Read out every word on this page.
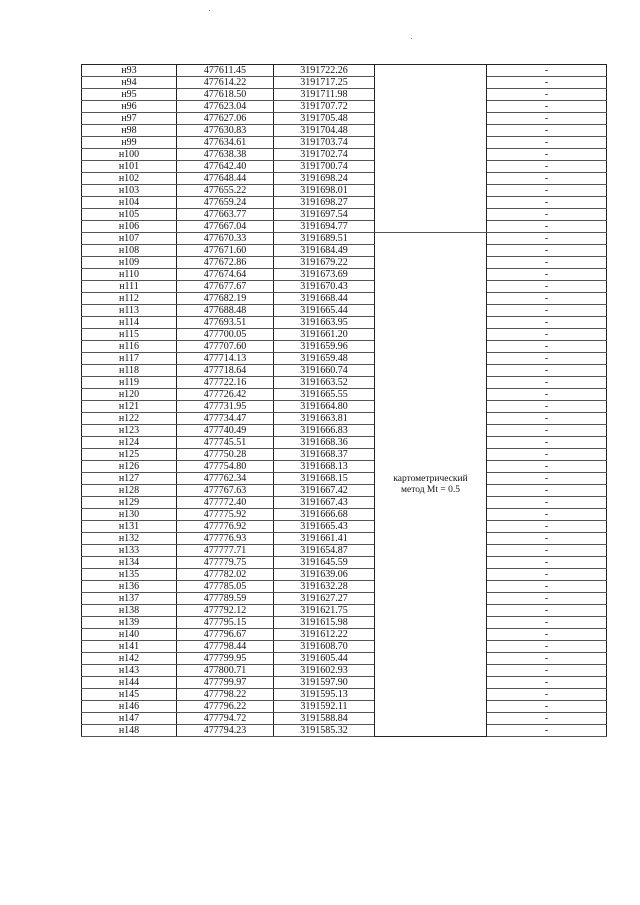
н93	477611.45	3191722.26		-
н94	477614.22	3191717.25		-
н95	477618.50	3191711.98		-
н96	477623.04	3191707.72		-
н97	477627.06	3191705.48		-
н98	477630.83	3191704.48		-
н99	477634.61	3191703.74		-
н100	477638.38	3191702.74		-
н101	477642.40	3191700.74		-
н102	477648.44	3191698.24		-
н103	477655.22	3191698.01		-
н104	477659.24	3191698.27		-
н105	477663.77	3191697.54		-
н106	477667.04	3191694.77		-
н107	477670.33	3191689.51	картометрический
метод Mt = 0.5	-
н108	477671.60	3191684.49		-
н109	477672.86	3191679.22		-
н110	477674.64	3191673.69		-
н111	477677.67	3191670.43		-
н112	477682.19	3191668.44		-
н113	477688.48	3191665.44		-
н114	477693.51	3191663.95		-
н115	477700.05	3191661.20		-
н116	477707.60	3191659.96		-
н117	477714.13	3191659.48		-
н118	477718.64	3191660.74		-
н119	477722.16	3191663.52		-
н120	477726.42	3191665.55		-
н121	477731.95	3191664.80		-
н122	477734.47	3191663.81		-
н123	477740.49	3191666.83		-
н124	477745.51	3191668.36		-
н125	477750.28	3191668.37		-
н126	477754.80	3191668.13		-
н127	477762.34	3191668.15		-
н128	477767.63	3191667.42		-
н129	477772.40	3191667.43		-
н130	477775.92	3191666.68		-
н131	477776.92	3191665.43		-
н132	477776.93	3191661.41		-
н133	477777.71	3191654.87		-
н134	477779.75	3191645.59		-
н135	477782.02	3191639.06		-
н136	477785.05	3191632.28		-
н137	477789.59	3191627.27		-
н138	477792.12	3191621.75		-
н139	477795.15	3191615.98		-
н140	477796.67	3191612.22		-
н141	477798.44	3191608.70		-
н142	477799.95	3191605.44		-
н143	477800.71	3191602.93		-
н144	477799.97	3191597.90		-
н145	477798.22	3191595.13		-
н146	477796.22	3191592.11		-
н147	477794.72	3191588.84		-
н148	477794.23	3191585.32		-
